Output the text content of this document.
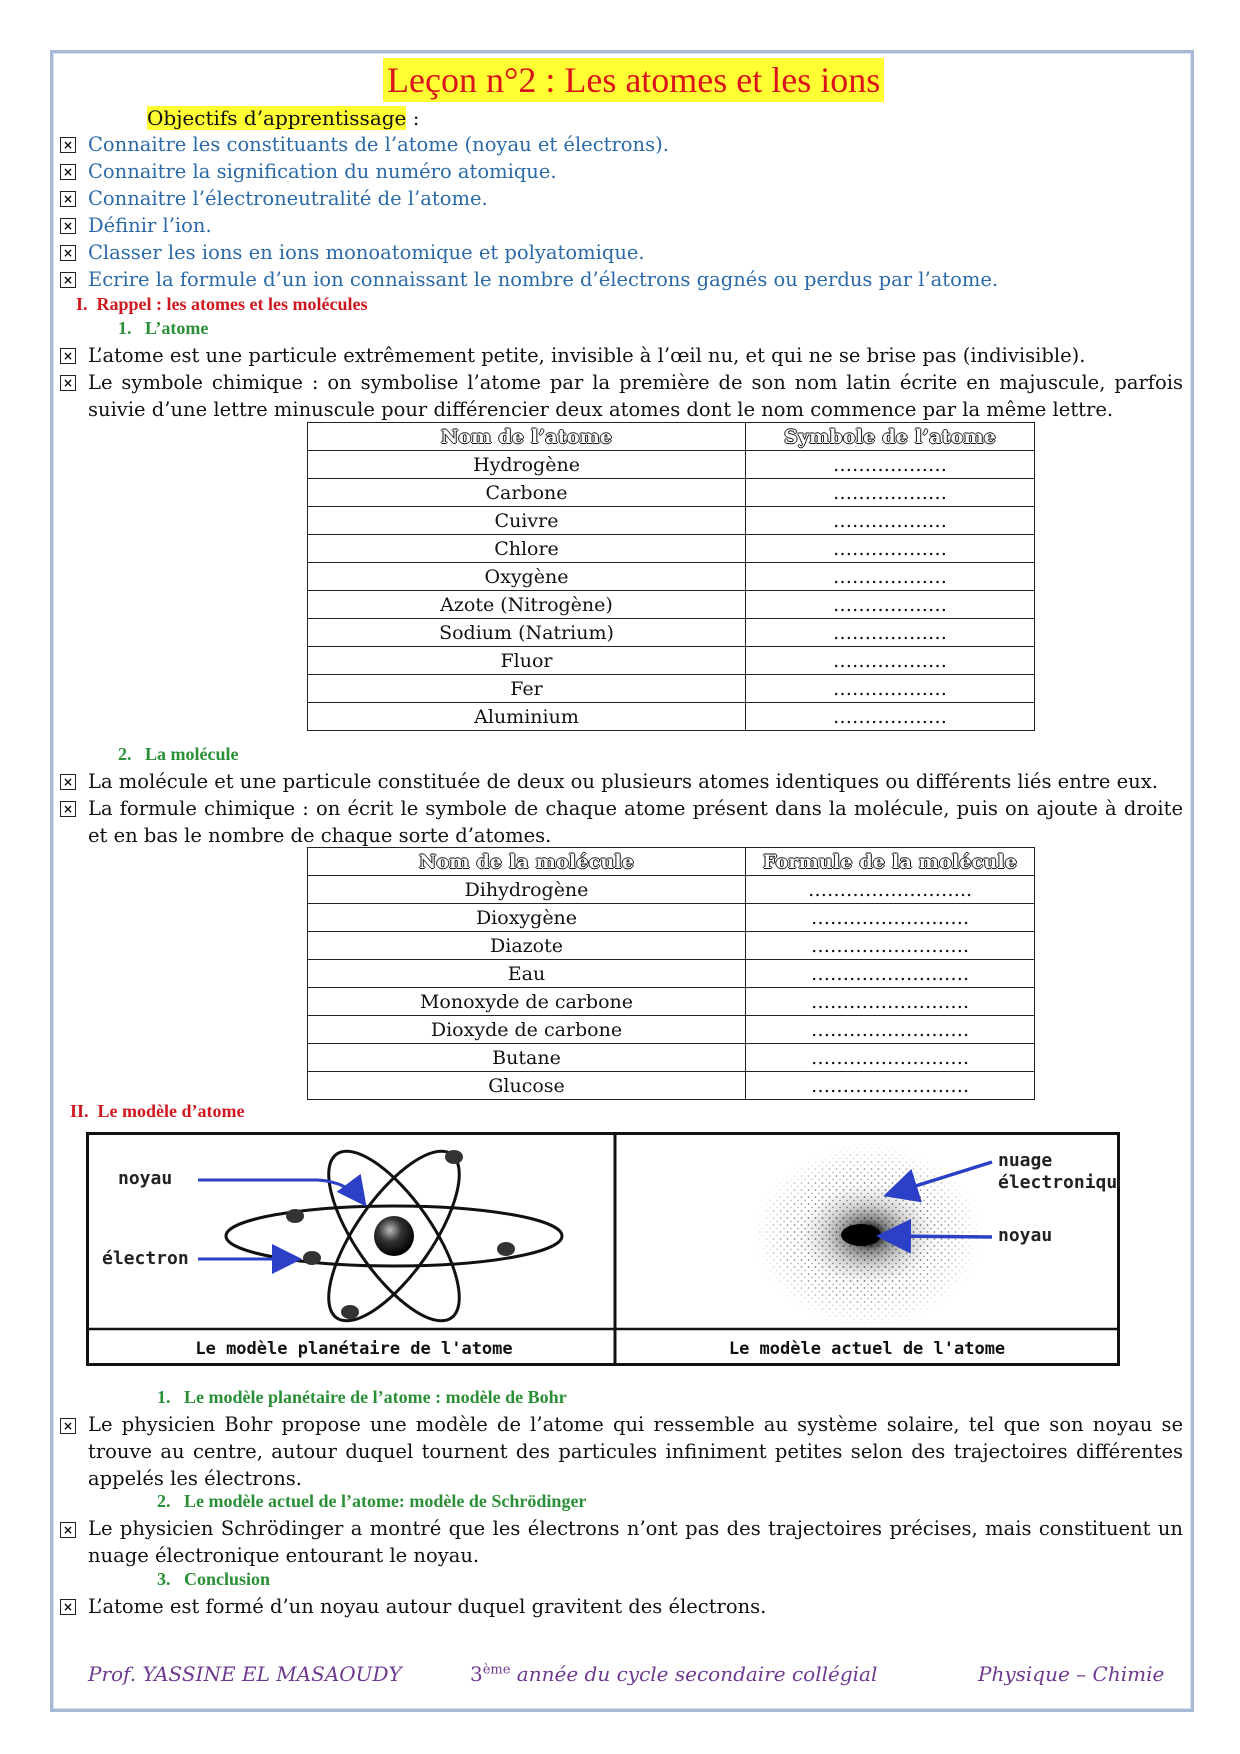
Leçon n°2 : Les atomes et les ions
Objectifs d’apprentissage :
× Connaitre les constituants de l’atome (noyau et électrons).
× Connaitre la signification du numéro atomique.
× Connaitre l’électroneutralité de l’atome.
× Définir l’ion.
× Classer les ions en ions monoatomique et polyatomique.
× Ecrire la formule d’un ion connaissant le nombre d’électrons gagnés ou perdus par l’atome.
I. Rappel : les atomes et les molécules
1. L’atome
× L’atome est une particule extrêmement petite, invisible à l’œil nu, et qui ne se brise pas (indivisible).
× Le symbole chimique : on symbolise l’atome par la première de son nom latin écrite en majuscule, parfois suivie d’une lettre minuscule pour différencier deux atomes dont le nom commence par la même lettre.
Nom de l’atome	Symbole de l’atome
Hydrogène	………………
Carbone	………………
Cuivre	………………
Chlore	………………
Oxygène	………………
Azote (Nitrogène)	………………
Sodium (Natrium)	………………
Fluor	………………
Fer	………………
Aluminium	………………
2. La molécule
× La molécule et une particule constituée de deux ou plusieurs atomes identiques ou différents liés entre eux.
× La formule chimique : on écrit le symbole de chaque atome présent dans la molécule, puis on ajoute à droite et en bas le nombre de chaque sorte d’atomes.
Nom de la molécule	Formule de la molécule
Dihydrogène	……………………..
Dioxygène	…………………….
Diazote	…………………….
Eau	…………………….
Monoxyde de carbone	…………………….
Dioxyde de carbone	…………………….
Butane	…………………….
Glucose	…………………….
II. Le modèle d’atome
noyau
électron
Le modèle planétaire de l'atome
nuage
électronique
noyau
Le modèle actuel de l'atome
1. Le modèle planétaire de l’atome : modèle de Bohr
× Le physicien Bohr propose une modèle de l’atome qui ressemble au système solaire, tel que son noyau se trouve au centre, autour duquel tournent des particules infiniment petites selon des trajectoires différentes appelés les électrons.
2. Le modèle actuel de l’atome: modèle de Schrödinger
× Le physicien Schrödinger a montré que les électrons n’ont pas des trajectoires précises, mais constituent un nuage électronique entourant le noyau.
3. Conclusion
× L’atome est formé d’un noyau autour duquel gravitent des électrons.
Prof. YASSINE EL MASAOUDY	3ème année du cycle secondaire collégial	Physique – Chimie
